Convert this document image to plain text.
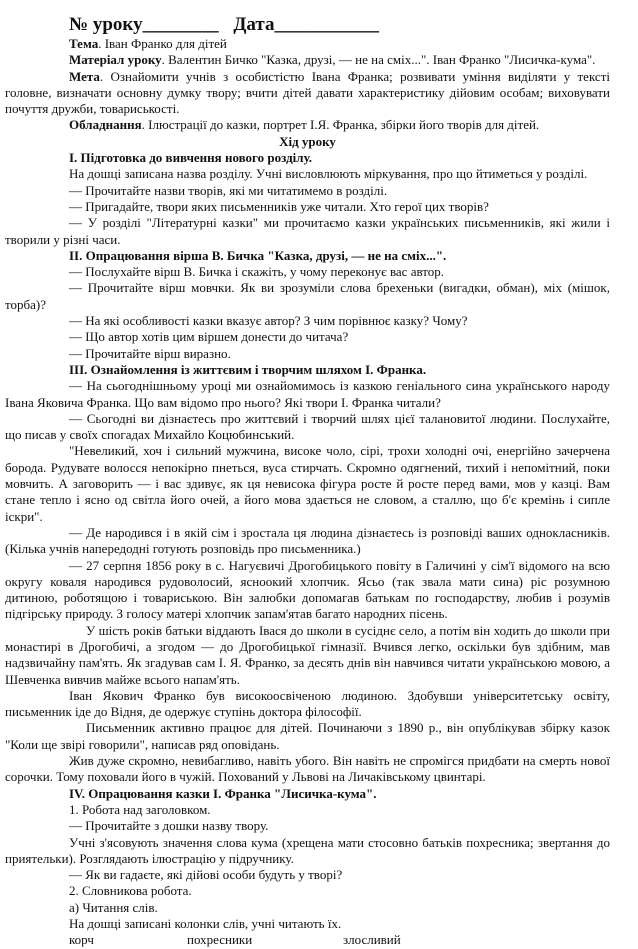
№ уроку________ Дата___________

Тема. Іван Франко для дітей

Матеріал уроку. Валентин Бичко "Казка, друзі, — не на сміх...". Іван Франко "Лисичка-кума".

Мета. Ознайомити учнів з особистістю Івана Франка; розвивати уміння виділяти у тексті головне, визначати основну думку твору; вчити дітей давати характеристику дійовим особам; виховувати почуття дружби, товариськості.

Обладнання. Ілюстрації до казки, портрет І.Я. Франка, збірки його творів для дітей.

Хід уроку

І. Підготовка до вивчення нового розділу.

На дошці записана назва розділу. Учні висловлюють міркування, про що йтиметься у розділі.

— Прочитайте назви творів, які ми читатимемо в розділі.

— Пригадайте, твори яких письменників уже читали. Хто герої цих творів?

— У розділі "Літературні казки" ми прочитаємо казки українських письменників, які жили і творили у різні часи.

II. Опрацювання вірша В. Бичка "Казка, друзі, — не на сміх...".

— Послухайте вірш В. Бичка і скажіть, у чому переконує вас автор.

— Прочитайте вірш мовчки. Як ви зрозуміли слова брехеньки (вигадки, обман), міх (мішок, торба)?

— На які особливості казки вказує автор? З чим порівнює казку? Чому?

— Що автор хотів цим віршем донести до читача?

— Прочитайте вірш виразно.

III. Ознайомлення із життєвим і творчим шляхом І. Франка.

— На сьогоднішньому уроці ми ознайомимось із казкою геніального сина українського народу Івана Яковича Франка. Що вам відомо про нього? Які твори І. Франка читали?

— Сьогодні ви дізнаєтесь про життєвий і творчий шлях цієї талановитої людини. Послухайте, що писав у своїх спогадах Михайло Коцюбинський.

"Невеликий, хоч і сильний мужчина, високе чоло, сірі, трохи холодні очі, енергійно зачерчена борода. Рудувате волосся непокірно пнеться, вуса стирчать. Скромно одягнений, тихий і непомітний, поки мовчить. А заговорить — і вас здивує, як ця невисока фігура росте й росте перед вами, мов у казці. Вам стане тепло і ясно од світла його очей, а його мова здається не словом, а сталлю, що б'є кремінь і сипле іскри".

— Де народився і в якій сім і зростала ця людина дізнаєтесь із розповіді ваших однокласників. (Кілька учнів напередодні готують розповідь про письменника.)

— 27 серпня 1856 року в с. Нагуєвичі Дрогобицького повіту в Галичині у сім'ї відомого на всю округу коваля народився рудоволосий, ясноокий хлопчик. Ясьо (так звала мати сина) ріс розумною дитиною, роботящою і товариською. Він залюбки допомагав батькам по господарству, любив і розумів підгірську природу. З голосу матері хлопчик запам'ятав багато народних пісень.

У шість років батьки віддають Івася до школи в сусіднє село, а потім він ходить до школи при монастирі в Дрогобичі, а згодом — до Дрогобицької гімназії. Вчився легко, оскільки був здібним, мав надзвичайну пам'ять. Як згадував сам І. Я. Франко, за десять днів він навчився читати українською мовою, а Шевченка вивчив майже всього напам'ять.

Іван Якович Франко був високоосвіченою людиною. Здобувши університетську освіту, письменник іде до Відня, де одержує ступінь доктора філософії.

Письменник активно працює для дітей. Починаючи з 1890 р., він опублікував збірку казок "Коли ще звірі говорили", написав ряд оповідань.

Жив дуже скромно, невибагливо, навіть убого. Він навіть не спромігся придбати на смерть нової сорочки. Тому поховали його в чужій. Похований у Львові на Личаківському цвинтарі.

IV. Опрацювання казки І. Франка "Лисичка-кума".

1. Робота над заголовком.

— Прочитайте з дошки назву твору.

Учні з'ясовують значення слова кума (хрещена мати стосовно батьків похресника; звертання до приятельки). Розглядають ілюстрацію у підручнику.

— Як ви гадаєте, які дійові особи будуть у творі?

2. Словникова робота.

а) Читання слів.

На дошці записані колонки слів, учні читають їх.

корч	похресники	злосливий
